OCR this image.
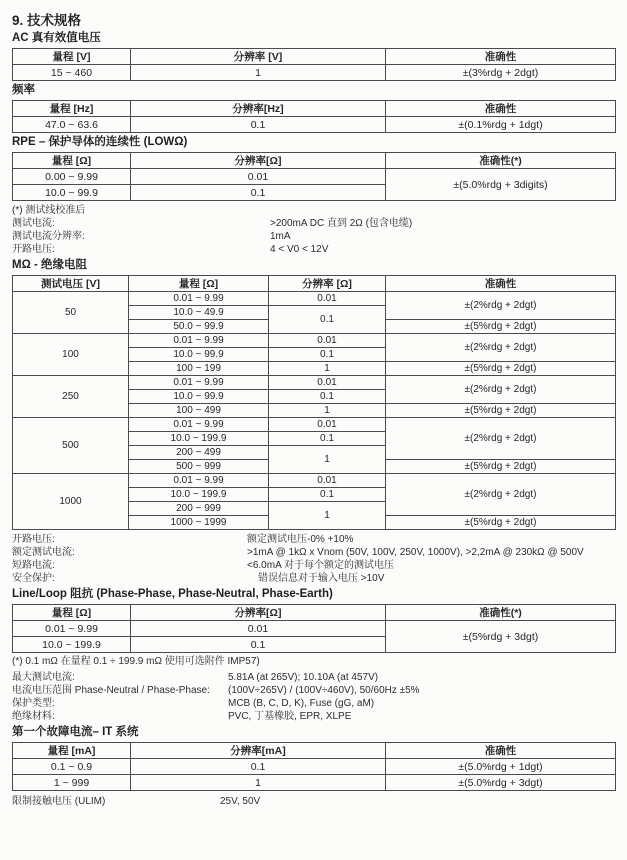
9. 技术规格
AC 真有效值电压
量程 [V]	分辨率 [V]	准确性
15 ~ 460	1	±(3%rdg + 2dgt)
频率
量程 [Hz]	分辨率[Hz]	准确性
47.0 ~ 63.6	0.1	±(0.1%rdg + 1dgt)
RPE – 保护导体的连续性 (LOWΩ)
量程 [Ω]	分辨率[Ω]	准确性(*)
0.00 ~ 9.99	0.01	±(5.0%rdg + 3digits)
10.0 ~ 99.9	0.1	
(*) 测试线校准后
测试电流:	>200mA DC 直到 2Ω (包含电缆)
测试电流分辨率:	1mA
开路电压:	4 < V0 < 12V
MΩ - 绝缘电阻
测试电压 [V]	量程 [Ω]	分辨率 [Ω]	准确性
50	0.01 ~ 9.99	0.01	±(2%rdg + 2dgt)
	10.0 ~ 49.9	0.1	
	50.0 ~ 99.9		±(5%rdg + 2dgt)
100	0.01 ~ 9.99	0.01	±(2%rdg + 2dgt)
	10.0 ~ 99.9	0.1	
	100 ~ 199	1	±(5%rdg + 2dgt)
250	0.01 ~ 9.99	0.01	±(2%rdg + 2dgt)
	10.0 ~ 99.9	0.1	
	100 ~ 499	1	±(5%rdg + 2dgt)
500	0.01 ~ 9.99	0.01	±(2%rdg + 2dgt)
	10.0 ~ 199.9	0.1	
	200 ~ 499	1	
	500 ~ 999		±(5%rdg + 2dgt)
1000	0.01 ~ 9.99	0.01	±(2%rdg + 2dgt)
	10.0 ~ 199.9	0.1	
	200 ~ 999	1	
	1000 ~ 1999		±(5%rdg + 2dgt)
开路电压:	额定测试电压-0% +10%
额定测试电流:	>1mA @ 1kΩ x Vnom (50V, 100V, 250V, 1000V), >2,2mA @ 230kΩ @ 500V
短路电流:	<6.0mA 对于每个额定的测试电压
安全保护:	错误信息对于输入电压 >10V
Line/Loop 阻抗 (Phase-Phase, Phase-Neutral, Phase-Earth)
量程 [Ω]	分辨率[Ω]	准确性(*)
0.01 ~ 9.99	0.01	±(5%rdg + 3dgt)
10.0 ~ 199.9	0.1	
(*) 0.1 mΩ 在量程 0.1 ÷ 199.9 mΩ 使用可选附件 IMP57)
最大测试电流:	5.81A (at 265V); 10.10A (at 457V)
电流电压范围 Phase-Neutral / Phase-Phase:	(100V÷265V) / (100V÷460V), 50/60Hz ±5%
保护类型:	MCB (B, C, D, K), Fuse (gG, aM)
绝缘材料:	PVC, 丁基橡胶, EPR, XLPE
第一个故障电流– IT 系统
量程 [mA]	分辨率[mA]	准确性
0.1 ~ 0.9	0.1	±(5.0%rdg + 1dgt)
1 ~ 999	1	±(5.0%rdg + 3dgt)
限制接触电压 (ULIM)	25V, 50V
